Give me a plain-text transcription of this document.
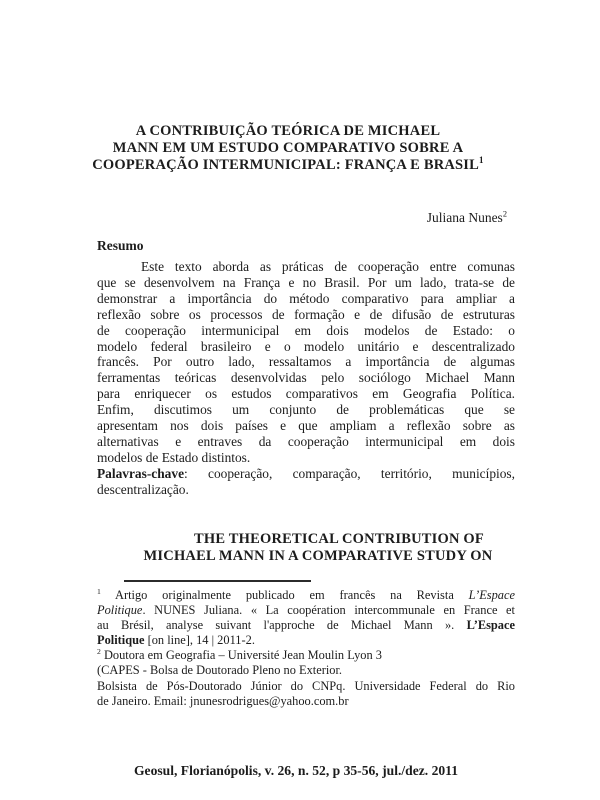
A CONTRIBUIÇÃO TEÓRICA DE MICHAEL
MANN EM UM ESTUDO COMPARATIVO SOBRE A
COOPERAÇÃO INTERMUNICIPAL: FRANÇA E BRASIL$^1$
Juliana Nunes$^2$
Resumo
Este texto aborda as práticas de cooperação entre comunas
que se desenvolvem na França e no Brasil. Por um lado, trata-se de
demonstrar a importância do método comparativo para ampliar a
reflexão sobre os processos de formação e de difusão de estruturas
de cooperação intermunicipal em dois modelos de Estado: o
modelo federal brasileiro e o modelo unitário e descentralizado
francês. Por outro lado, ressaltamos a importância de algumas
ferramentas teóricas desenvolvidas pelo sociólogo Michael Mann
para enriquecer os estudos comparativos em Geografia Política.
Enfim, discutimos um conjunto de problemáticas que se
apresentam nos dois países e que ampliam a reflexão sobre as
alternativas e entraves da cooperação intermunicipal em dois
modelos de Estado distintos.
Palavras-chave: cooperação, comparação, território, municípios,
descentralização.
THE THEORETICAL CONTRIBUTION OF
MICHAEL MANN IN A COMPARATIVE STUDY ON
$^1$ Artigo originalmente publicado em francês na Revista L’Espace
Politique. NUNES Juliana. « La coopération intercommunale en France et
au Brésil, analyse suivant l'approche de Michael Mann ». L’Espace
Politique [on line], 14 | 2011-2.
$^2$ Doutora em Geografia – Université Jean Moulin Lyon 3
(CAPES - Bolsa de Doutorado Pleno no Exterior.
Bolsista de Pós-Doutorado Júnior do CNPq. Universidade Federal do Rio
de Janeiro. Email: jnunesrodrigues@yahoo.com.br
Geosul, Florianópolis, v. 26, n. 52, p 35-56, jul./dez. 2011
